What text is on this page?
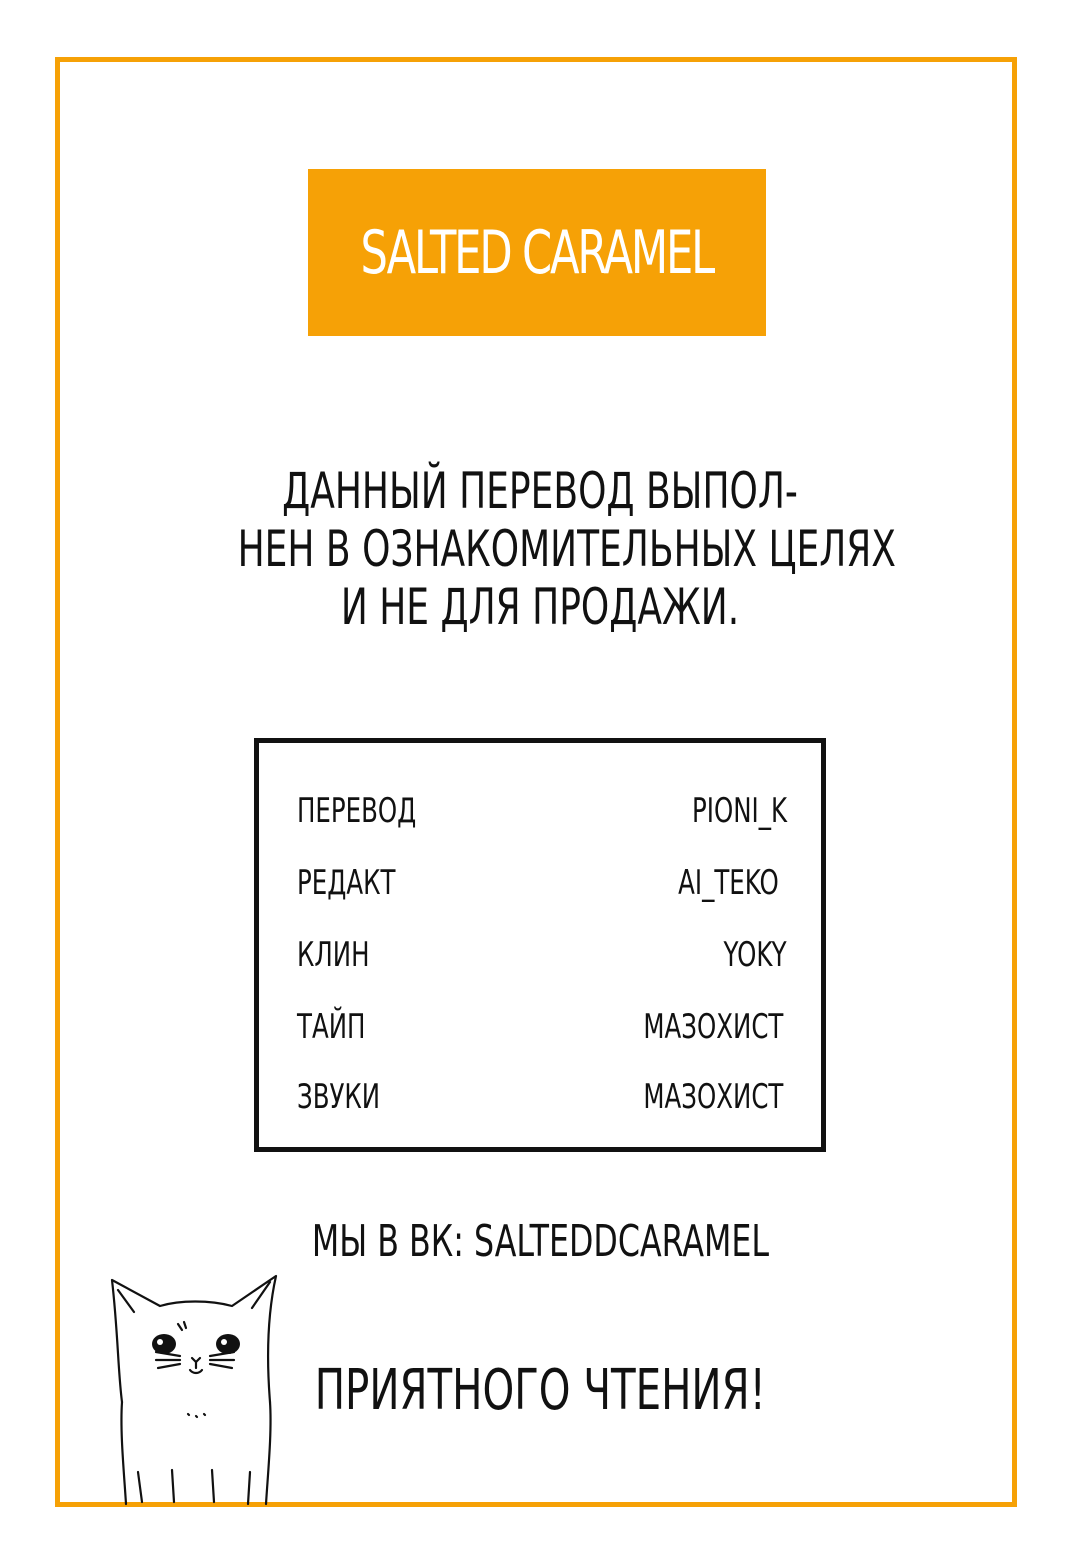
SALTED CARAMEL
ДАННЫЙ ПЕРЕВОД ВЫПОЛ-
НЕН В ОЗНАКОМИТЕЛЬНЫХ ЦЕЛЯХ
И НЕ ДЛЯ ПРОДАЖИ.
ПЕРЕВОД	PIONI_K
РЕДАКТ	AI_TEKO
КЛИН	YOKY
ТАЙП	МАЗОХИСТ
ЗВУКИ	МАЗОХИСТ
МЫ В ВК: SALTEDDCARAMEL
ПРИЯТНОГО ЧТЕНИЯ!
